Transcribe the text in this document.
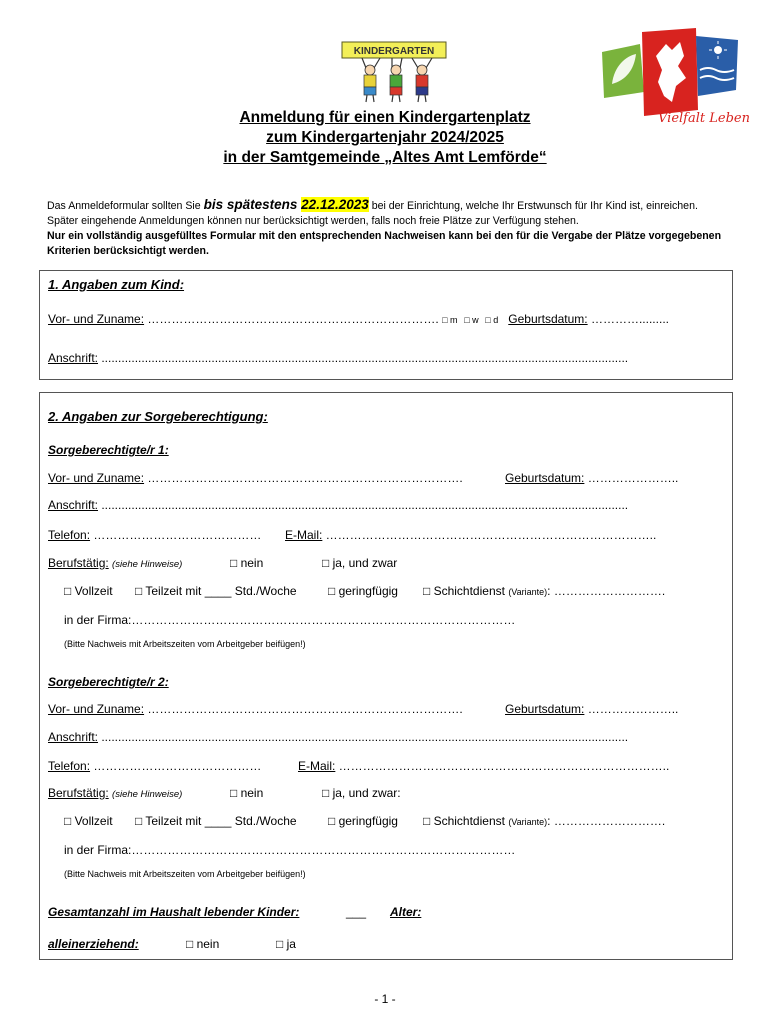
KINDERGARTEN
Vielfalt Leben
Anmeldung für einen Kindergartenplatz
zum Kindergartenjahr 2024/2025
in der Samtgemeinde „Altes Amt Lemförde“
Das Anmeldeformular sollten Sie bis spätestens 22.12.2023 bei der Einrichtung, welche Ihr Erstwunsch für Ihr Kind ist, einreichen. Später eingehende Anmeldungen können nur berücksichtigt werden, falls noch freie Plätze zur Verfügung stehen.
Nur ein vollständig ausgefülltes Formular mit den entsprechenden Nachweisen kann bei den für die Vergabe der Plätze vorgegebenen Kriterien berücksichtigt werden.
1. Angaben zum Kind:
Vor- und Zuname: ………………………………………………………………. □ m □ w □ d Geburtsdatum: ………….........
Anschrift: ..............................................................................................................................................................
2. Angaben zur Sorgeberechtigung:
Sorgeberechtigte/r 1:
Vor- und Zuname: …………………………………………………………………….	Geburtsdatum: …………………..
Anschrift: ..............................................................................................................................................................
Telefon: …………………………………… E-Mail: ………………………………………………………………………..
Berufstätig: (siehe Hinweise)	□ nein	□ ja, und zwar
□ Vollzeit □ Teilzeit mit ____ Std./Woche	□ geringfügig □ Schichtdienst (Variante): ……………………….
in der Firma:……………………………………………………………………………………
(Bitte Nachweis mit Arbeitszeiten vom Arbeitgeber beifügen!)
Sorgeberechtigte/r 2:
Vor- und Zuname: …………………………………………………………………….	Geburtsdatum: …………………..
Anschrift: ..............................................................................................................................................................
Telefon: ……………………………………	E-Mail: ………………………………………………………………………..
Berufstätig: (siehe Hinweise)	□ nein	□ ja, und zwar:
□ Vollzeit □ Teilzeit mit ____ Std./Woche	□ geringfügig □ Schichtdienst (Variante): ……………………….
in der Firma:……………………………………………………………………………………
(Bitte Nachweis mit Arbeitszeiten vom Arbeitgeber beifügen!)
Gesamtanzahl im Haushalt lebender Kinder:	___ Alter:
alleinerziehend:	□ nein	□ ja
- 1 -
